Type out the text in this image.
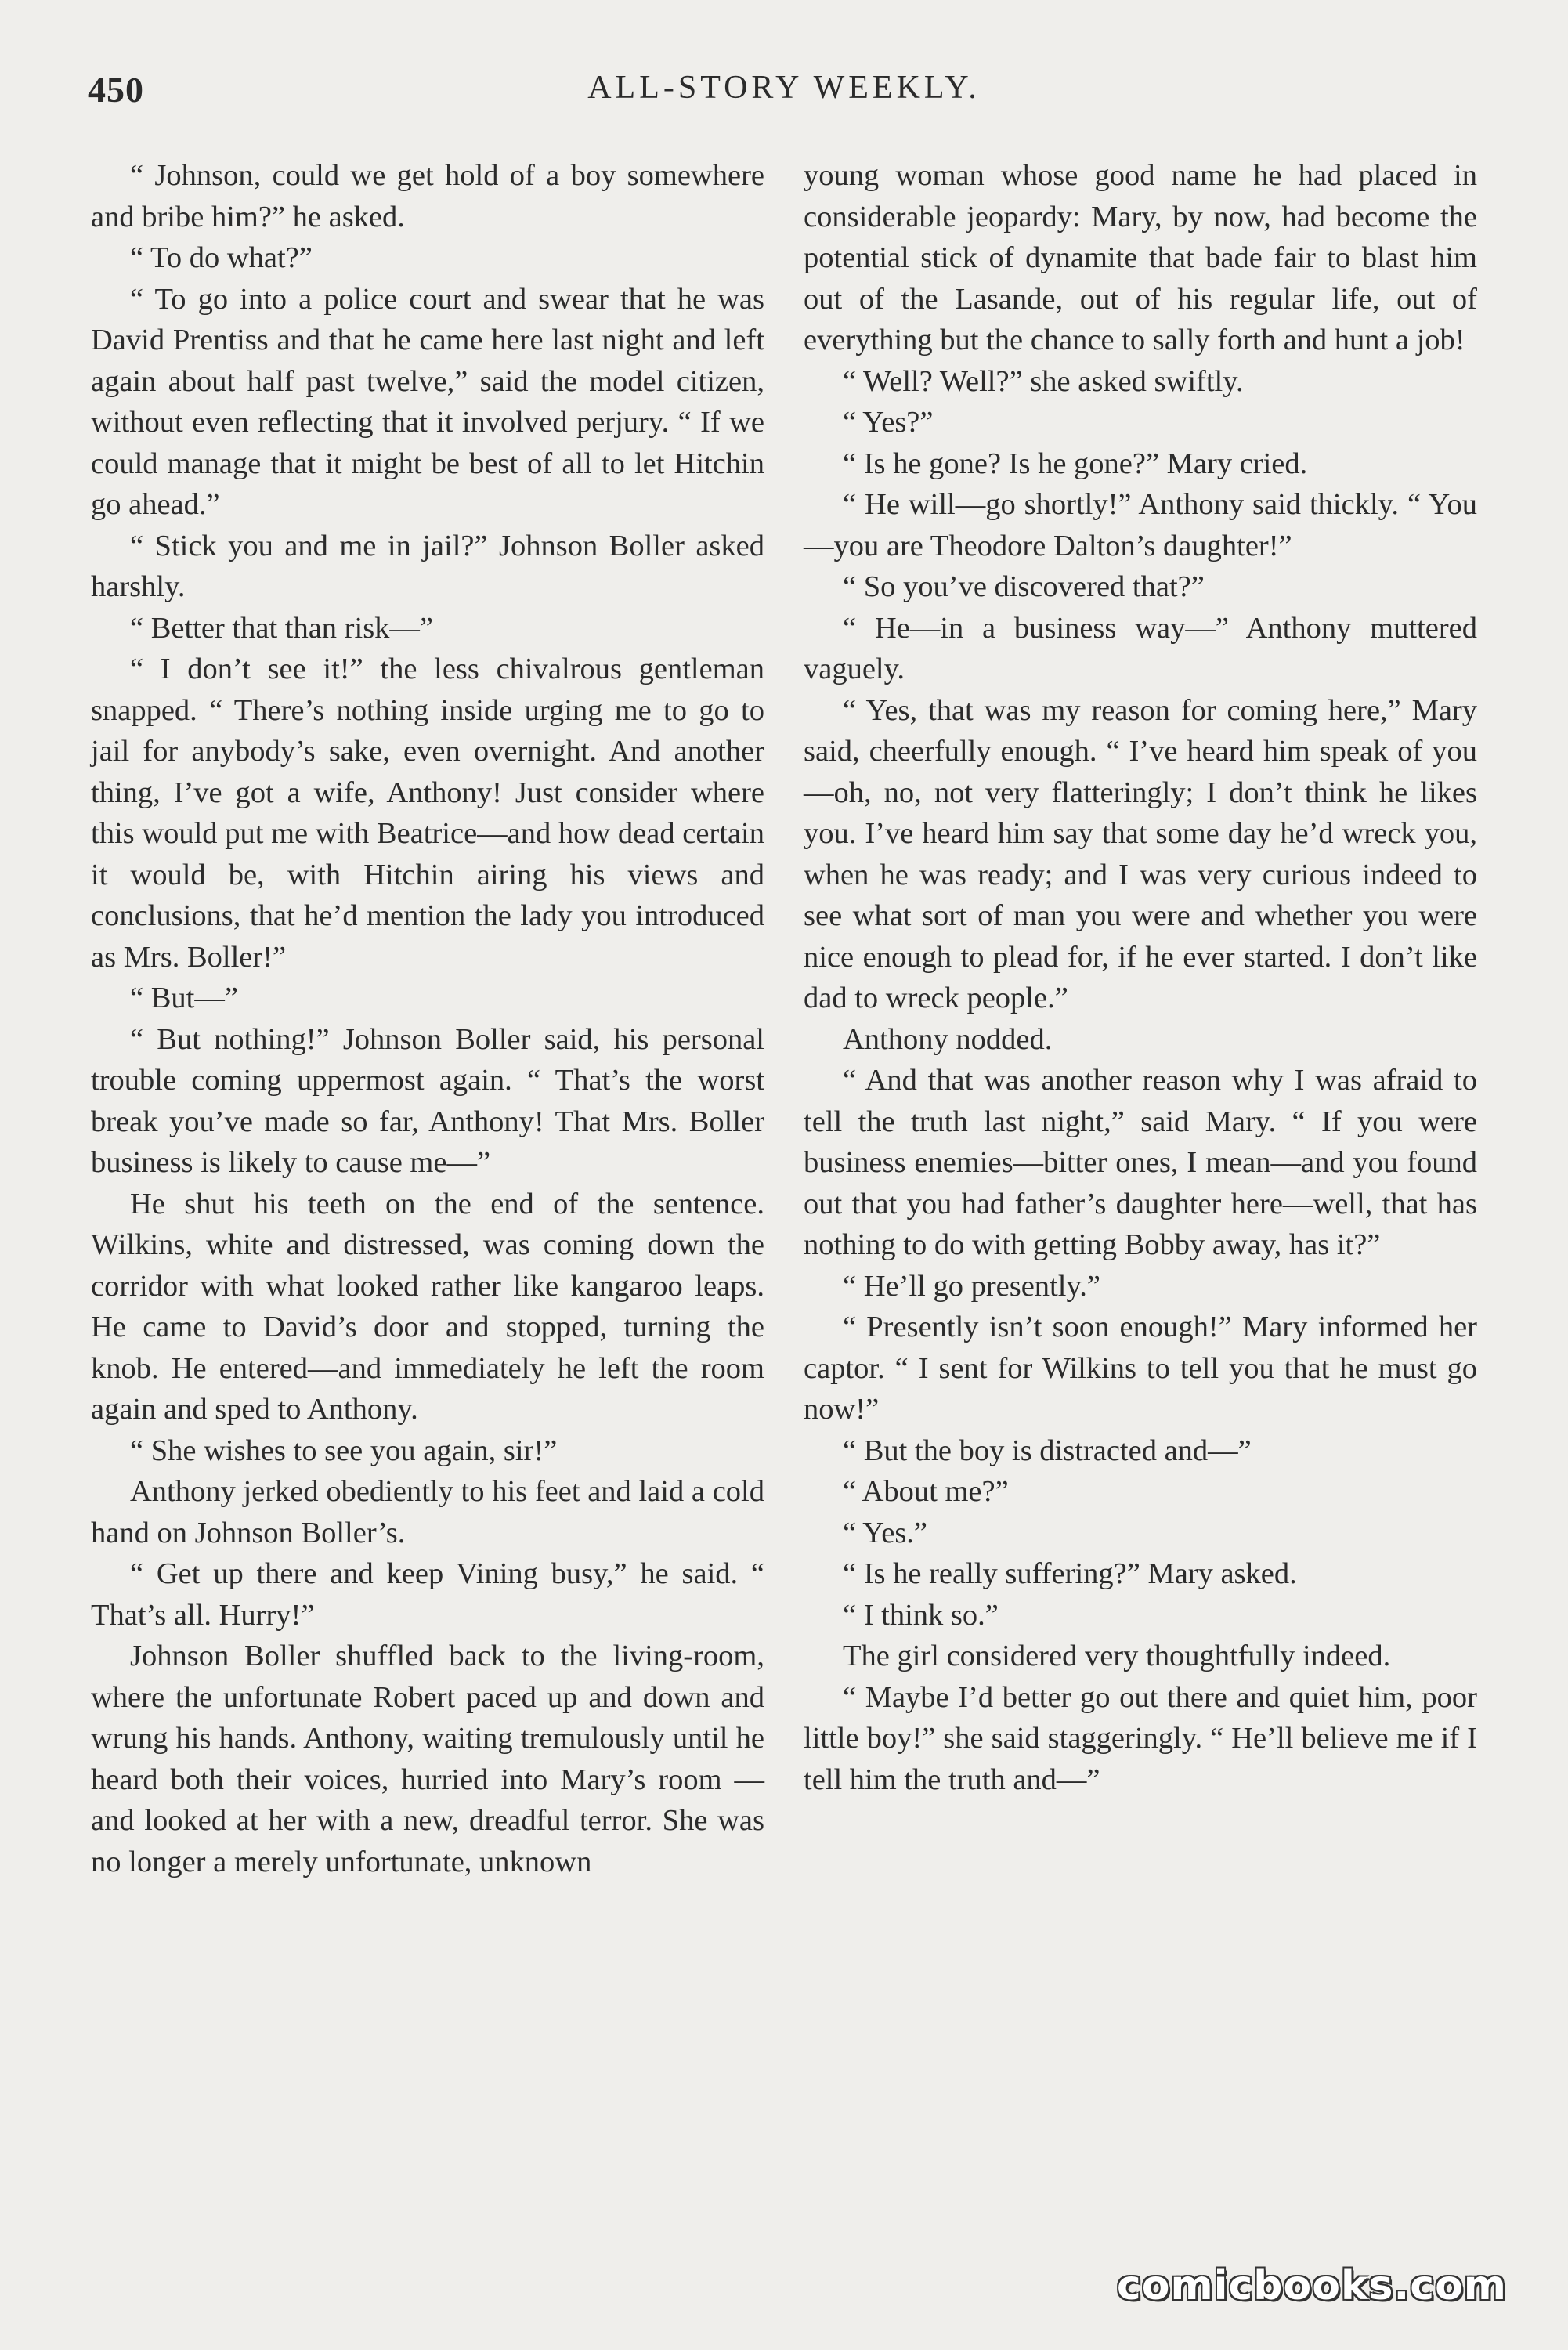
450	ALL-STORY WEEKLY.

“ Johnson, could we get hold of a boy somewhere and bribe him?” he asked.

“ To do what?”

“ To go into a police court and swear that he was David Prentiss and that he came here last night and left again about half past twelve,” said the model citizen, without even reflecting that it involved perjury. “ If we could manage that it might be best of all to let Hitchin go ahead.”

“ Stick you and me in jail?” Johnson Boller asked harshly.

“ Better that than risk—”

“ I don’t see it!” the less chivalrous gentleman snapped. “ There’s nothing inside urging me to go to jail for anybody’s sake, even overnight. And another thing, I’ve got a wife, Anthony! Just consider where this would put me with Beatrice—and how dead certain it would be, with Hitchin airing his views and conclusions, that he’d mention the lady you introduced as Mrs. Boller!”

“ But—”

“ But nothing!” Johnson Boller said, his personal trouble coming uppermost again. “ That’s the worst break you’ve made so far, Anthony! That Mrs. Boller business is likely to cause me—”

He shut his teeth on the end of the sentence. Wilkins, white and distressed, was coming down the corridor with what looked rather like kangaroo leaps. He came to David’s door and stopped, turning the knob. He entered—and immediately he left the room again and sped to Anthony.

“ She wishes to see you again, sir!”

Anthony jerked obediently to his feet and laid a cold hand on Johnson Boller’s.

“ Get up there and keep Vining busy,” he said. “ That’s all. Hurry!”

Johnson Boller shuffled back to the living-room, where the unfortunate Robert paced up and down and wrung his hands. Anthony, waiting tremulously until he heard both their voices, hurried into Mary’s room — and looked at her with a new, dreadful terror. She was no longer a merely unfortunate, unknown

young woman whose good name he had placed in considerable jeopardy: Mary, by now, had become the potential stick of dynamite that bade fair to blast him out of the Lasande, out of his regular life, out of everything but the chance to sally forth and hunt a job!

“ Well? Well?” she asked swiftly.

“ Yes?”

“ Is he gone? Is he gone?” Mary cried.

“ He will—go shortly!” Anthony said thickly. “ You—you are Theodore Dalton’s daughter!”

“ So you’ve discovered that?”

“ He—in a business way—” Anthony muttered vaguely.

“ Yes, that was my reason for coming here,” Mary said, cheerfully enough. “ I’ve heard him speak of you—oh, no, not very flatteringly; I don’t think he likes you. I’ve heard him say that some day he’d wreck you, when he was ready; and I was very curious indeed to see what sort of man you were and whether you were nice enough to plead for, if he ever started. I don’t like dad to wreck people.”

Anthony nodded.

“ And that was another reason why I was afraid to tell the truth last night,” said Mary. “ If you were business enemies—bitter ones, I mean—and you found out that you had father’s daughter here—well, that has nothing to do with getting Bobby away, has it?”

“ He’ll go presently.”

“ Presently isn’t soon enough!” Mary informed her captor. “ I sent for Wilkins to tell you that he must go now!”

“ But the boy is distracted and—”

“ About me?”

“ Yes.”

“ Is he really suffering?” Mary asked.

“ I think so.”

The girl considered very thoughtfully indeed.

“ Maybe I’d better go out there and quiet him, poor little boy!” she said staggeringly. “ He’ll believe me if I tell him the truth and—”

comicbooks.com
